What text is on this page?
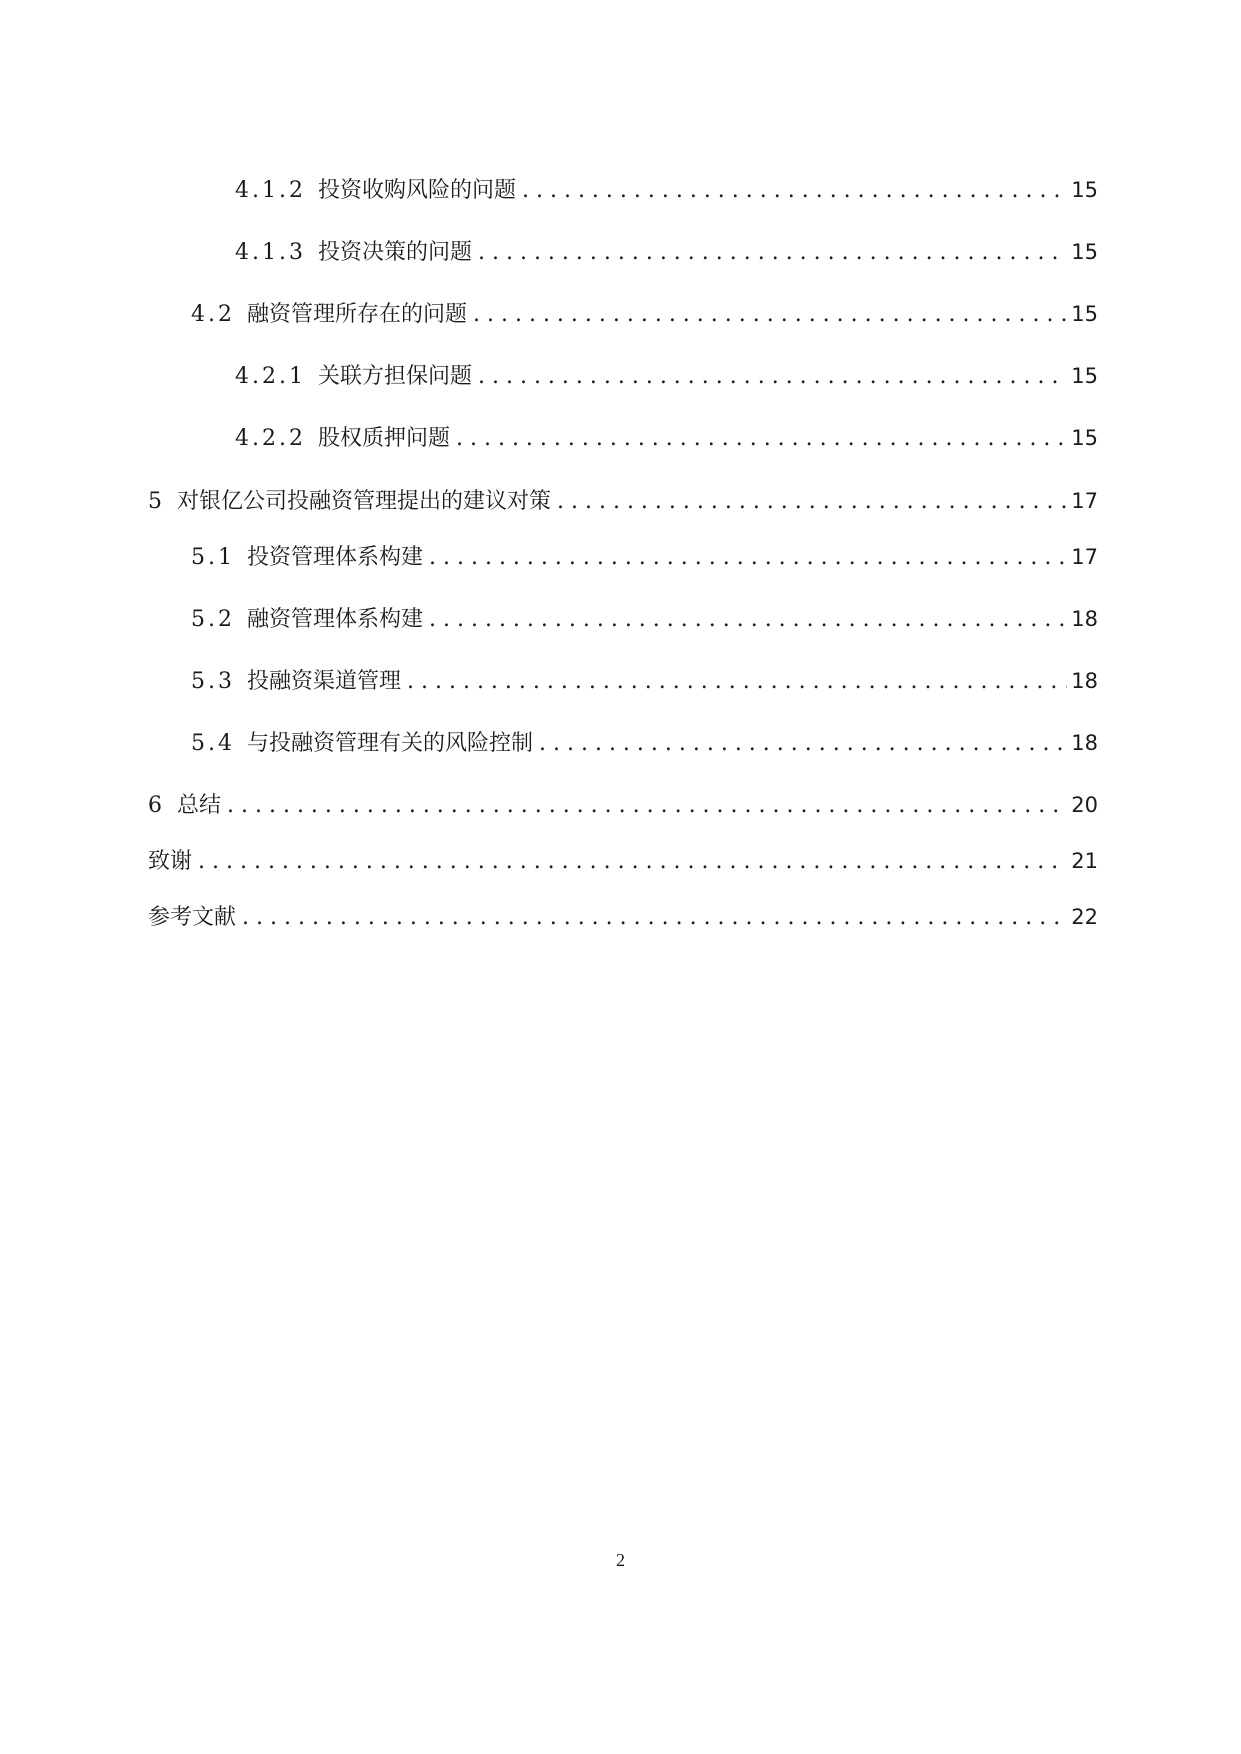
4.1.2 投资收购风险的问题 . . .	15
4.1.3 投资决策的问题 . . .	15
4.2 融资管理所存在的问题 . . .	15
4.2.1 关联方担保问题 . . .	15
4.2.2 股权质押问题 . . .	15
5 对银亿公司投融资管理提出的建议对策 . . .	17
5.1 投资管理体系构建 . . .	17
5.2 融资管理体系构建 . . .	18
5.3 投融资渠道管理 . . .	18
5.4 与投融资管理有关的风险控制 . . .	18
6 总结 . . .	20
致谢 . . .	21
参考文献 . . .	22
2
